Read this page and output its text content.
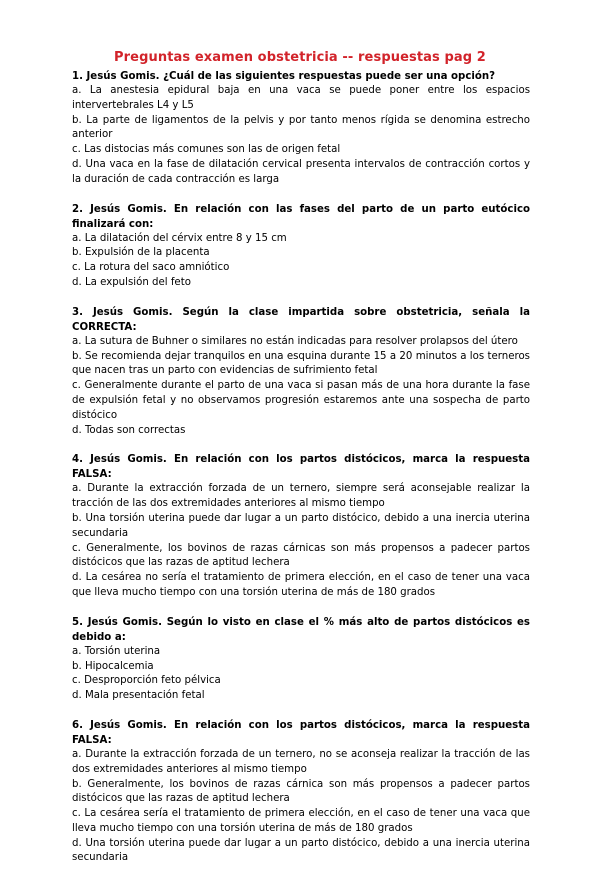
Preguntas examen obstetricia -- respuestas pag 2
1. Jesús Gomis. ¿Cuál de las siguientes respuestas puede ser una opción?
a. La anestesia epidural baja en una vaca se puede poner entre los espacios intervertebrales L4 y L5
b. La parte de ligamentos de la pelvis y por tanto menos rígida se denomina estrecho anterior
c. Las distocias más comunes son las de origen fetal
d. Una vaca en la fase de dilatación cervical presenta intervalos de contracción cortos y la duración de cada contracción es larga
2. Jesús Gomis. En relación con las fases del parto de un parto eutócico finalizará con:
a. La dilatación del cérvix entre 8 y 15 cm
b. Expulsión de la placenta
c. La rotura del saco amniótico
d. La expulsión del feto
3. Jesús Gomis. Según la clase impartida sobre obstetricia, señala la CORRECTA:
a. La sutura de Buhner o similares no están indicadas para resolver prolapsos del útero
b. Se recomienda dejar tranquilos en una esquina durante 15 a 20 minutos a los terneros que nacen tras un parto con evidencias de sufrimiento fetal
c. Generalmente durante el parto de una vaca si pasan más de una hora durante la fase de expulsión fetal y no observamos progresión estaremos ante una sospecha de parto distócico
d. Todas son correctas
4. Jesús Gomis. En relación con los partos distócicos, marca la respuesta FALSA:
a. Durante la extracción forzada de un ternero, siempre será aconsejable realizar la tracción de las dos extremidades anteriores al mismo tiempo
b. Una torsión uterina puede dar lugar a un parto distócico, debido a una inercia uterina secundaria
c. Generalmente, los bovinos de razas cárnicas son más propensos a padecer partos distócicos que las razas de aptitud lechera
d. La cesárea no sería el tratamiento de primera elección, en el caso de tener una vaca que lleva mucho tiempo con una torsión uterina de más de 180 grados
5. Jesús Gomis. Según lo visto en clase el % más alto de partos distócicos es debido a:
a. Torsión uterina
b. Hipocalcemia
c. Desproporción feto pélvica
d. Mala presentación fetal
6. Jesús Gomis. En relación con los partos distócicos, marca la respuesta FALSA:
a. Durante la extracción forzada de un ternero, no se aconseja realizar la tracción de las dos extremidades anteriores al mismo tiempo
b. Generalmente, los bovinos de razas cárnica son más propensos a padecer partos distócicos que las razas de aptitud lechera
c. La cesárea sería el tratamiento de primera elección, en el caso de tener una vaca que lleva mucho tiempo con una torsión uterina de más de 180 grados
d. Una torsión uterina puede dar lugar a un parto distócico, debido a una inercia uterina secundaria
